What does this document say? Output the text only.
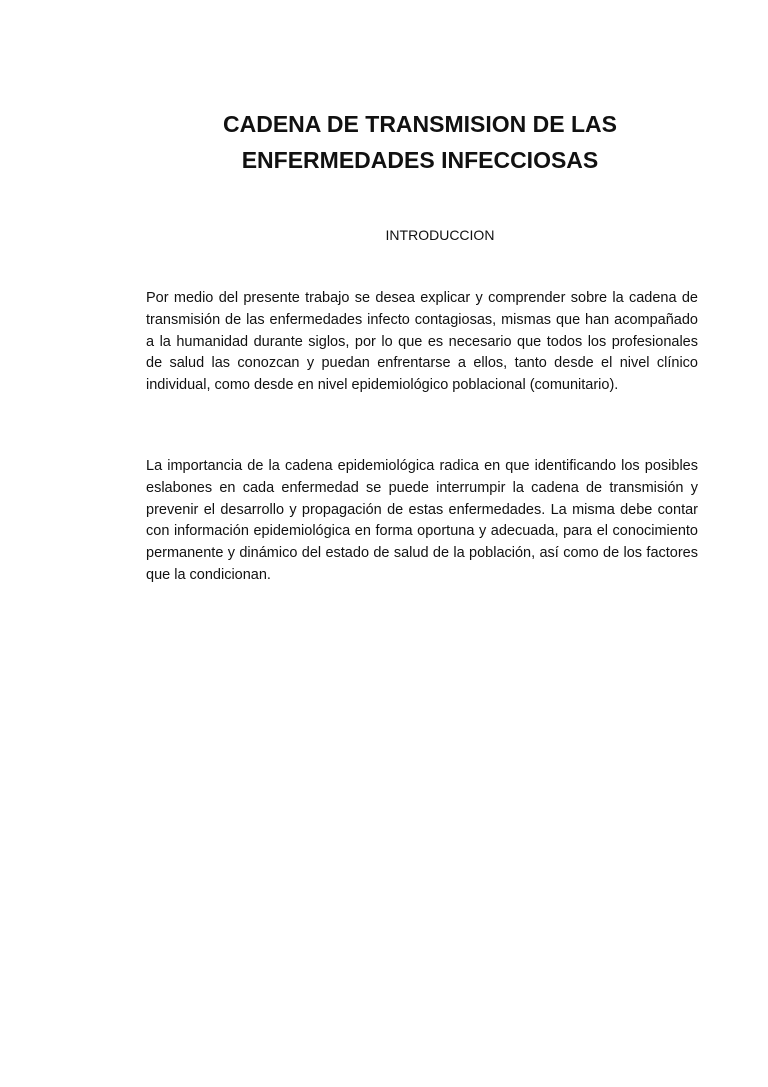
CADENA DE TRANSMISION DE LAS
ENFERMEDADES INFECCIOSAS

INTRODUCCION

Por medio del presente trabajo se desea explicar y comprender sobre la cadena de transmisión de las enfermedades infecto contagiosas, mismas que han acompañado a la humanidad durante siglos, por lo que es necesario que todos los profesionales de salud las conozcan y puedan enfrentarse a ellos, tanto desde el nivel clínico individual, como desde en nivel epidemiológico poblacional (comunitario).

La importancia de la cadena epidemiológica radica en que identificando los posibles eslabones en cada enfermedad se puede interrumpir la cadena de transmisión y prevenir el desarrollo y propagación de estas enfermedades. La misma debe contar con información epidemiológica en forma oportuna y adecuada, para el conocimiento permanente y dinámico del estado de salud de la población, así como de los factores que la condicionan.
